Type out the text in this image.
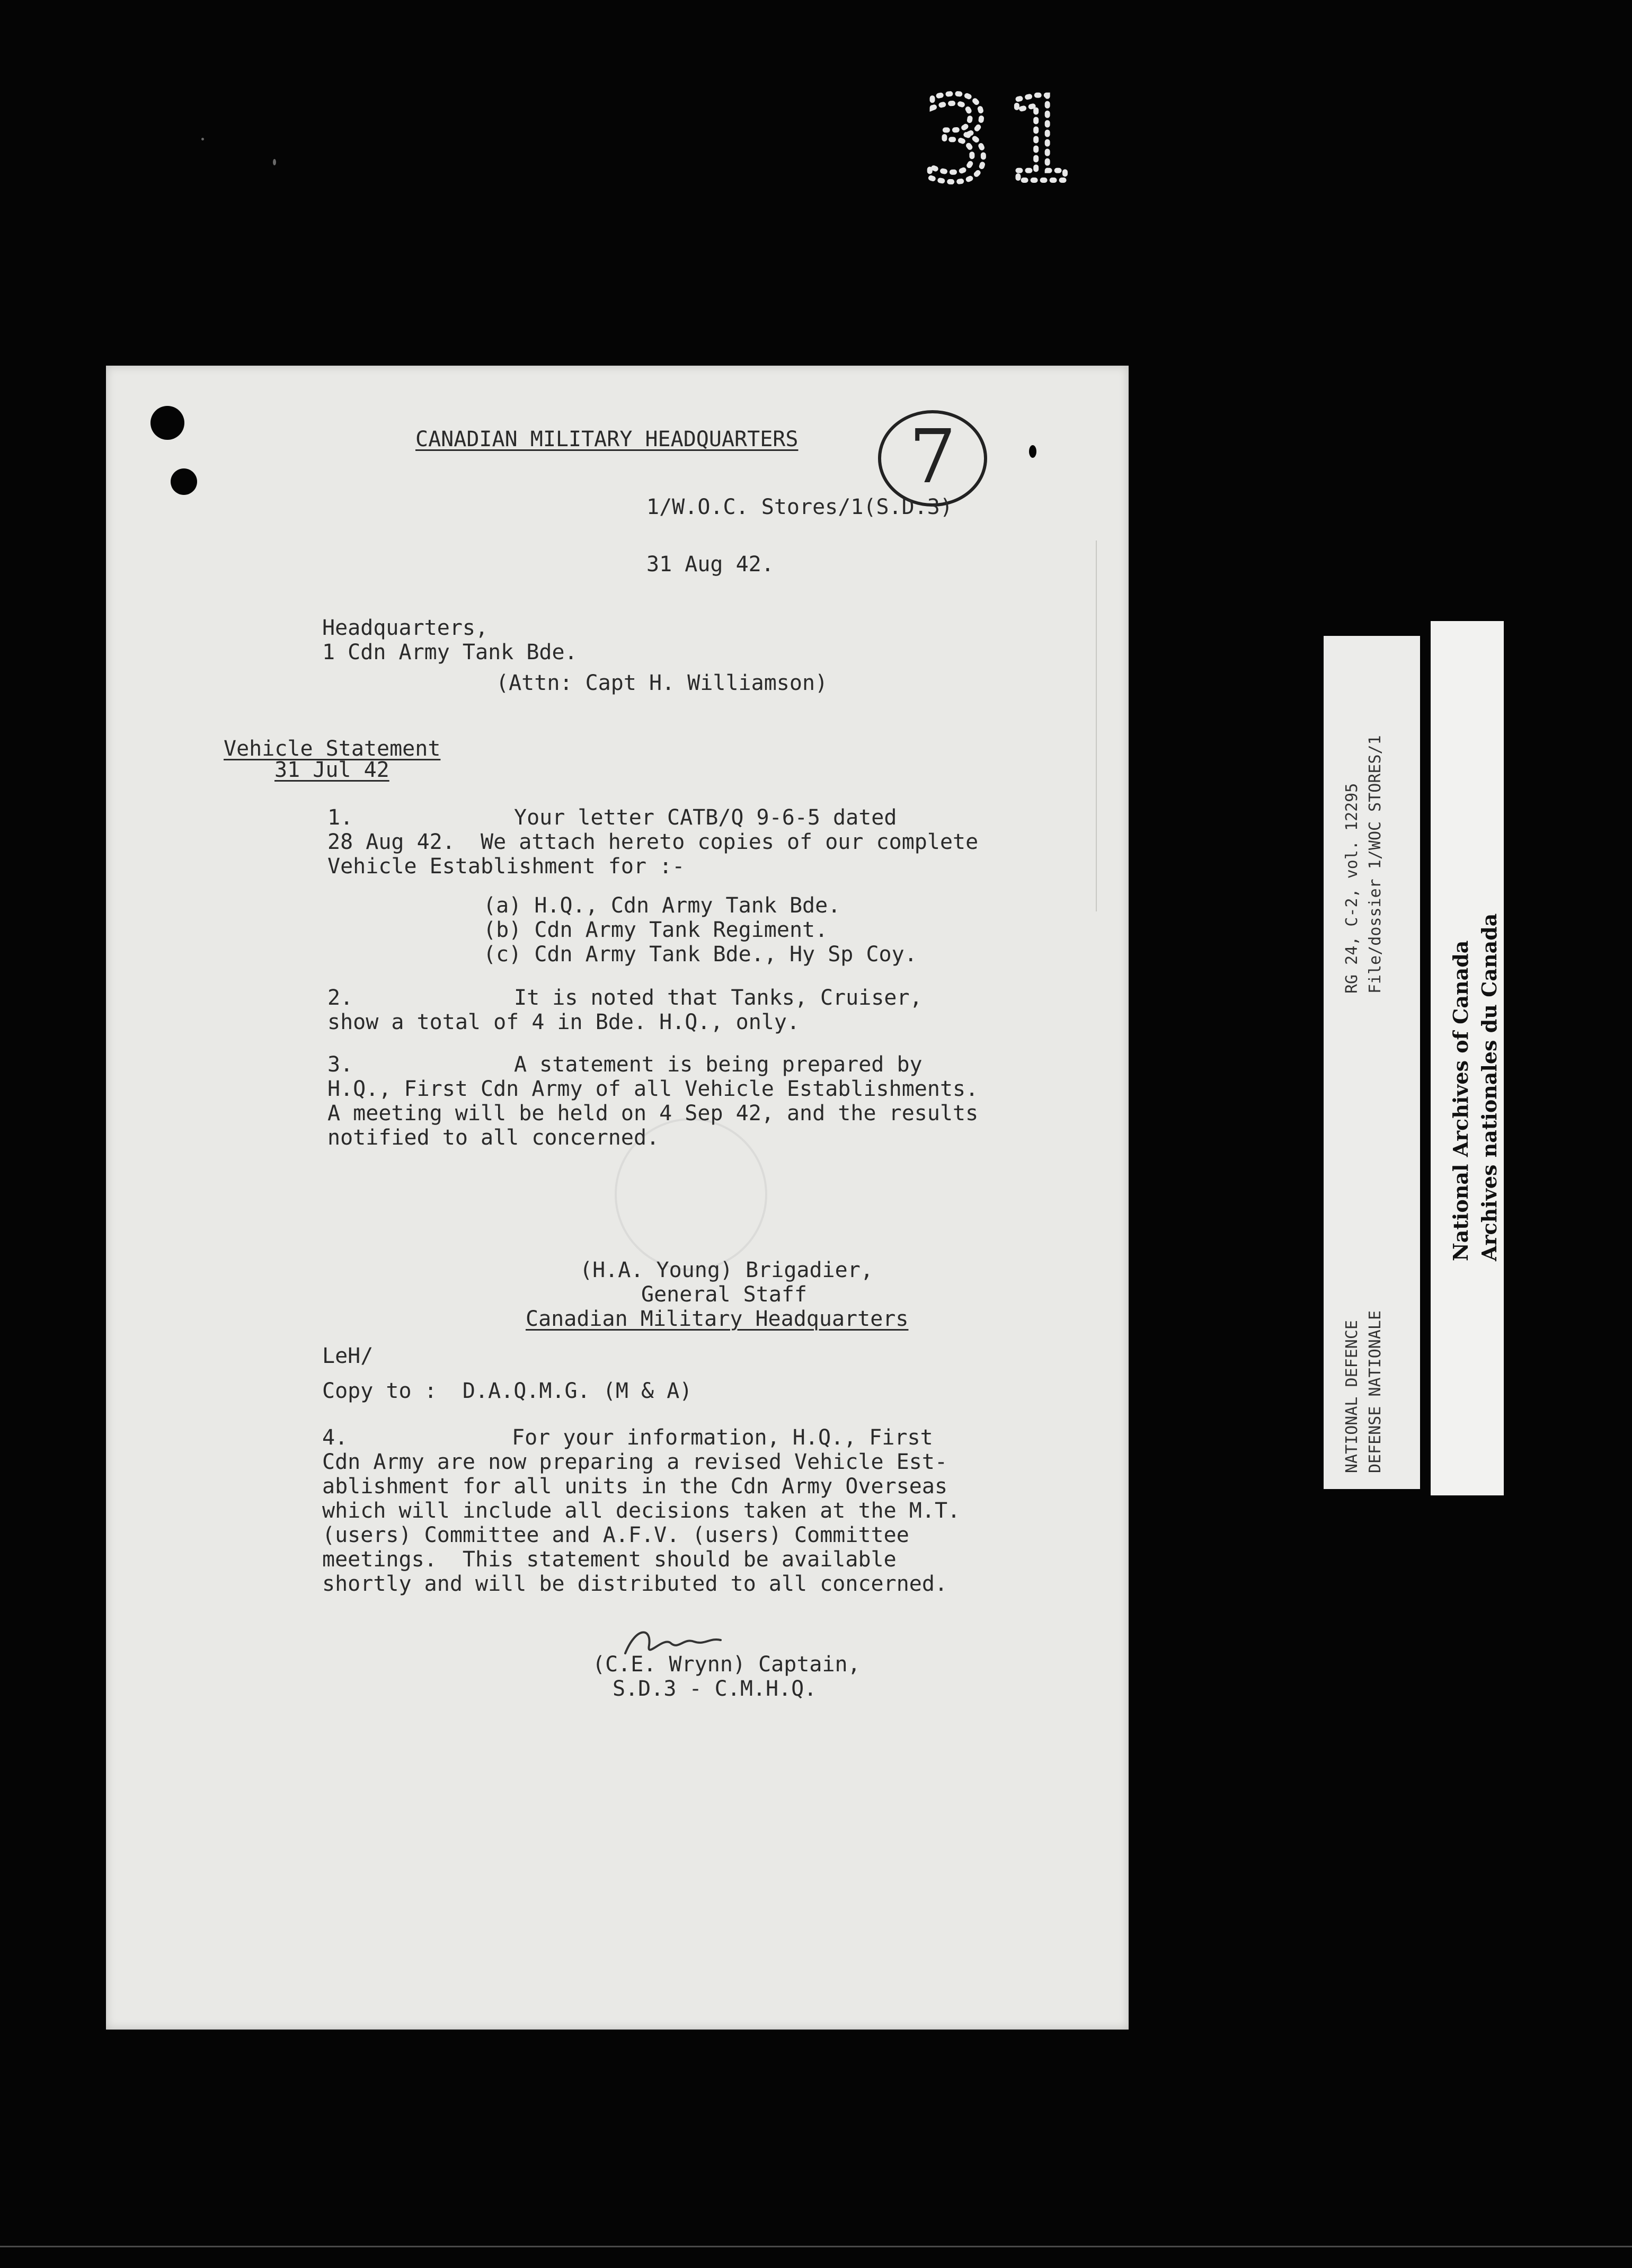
31
7

CANADIAN MILITARY HEADQUARTERS

1/W.O.C. Stores/1(S.D.3)

31 Aug 42.

Headquarters,

1 Cdn Army Tank Bde.

(Attn: Capt H. Williamson)

Vehicle Statement

31 Jul 42

1.	Your letter CATB/Q 9-6-5 dated

28 Aug 42.  We attach hereto copies of our complete

Vehicle Establishment for :-

(a) H.Q., Cdn Army Tank Bde.

(b) Cdn Army Tank Regiment.

(c) Cdn Army Tank Bde., Hy Sp Coy.

2.	It is noted that Tanks, Cruiser,

show a total of 4 in Bde. H.Q., only.

3.	A statement is being prepared by

H.Q., First Cdn Army of all Vehicle Establishments.

A meeting will be held on 4 Sep 42, and the results

notified to all concerned.

(H.A. Young) Brigadier,

General Staff

Canadian Military Headquarters

LeH/

Copy to :  D.A.Q.M.G. (M & A)

4.	For your information, H.Q., First

Cdn Army are now preparing a revised Vehicle Est-

ablishment for all units in the Cdn Army Overseas

which will include all decisions taken at the M.T.

(users) Committee and A.F.V. (users) Committee

meetings.  This statement should be available

shortly and will be distributed to all concerned.

(C.E. Wrynn) Captain,

S.D.3 - C.M.H.Q.

RG 24, C-2, vol. 12295 File/dossier 1/WOC STORES/1
NATIONAL DEFENCE DEFENSE NATIONALE
National Archives of Canada Archives nationales du Canada
